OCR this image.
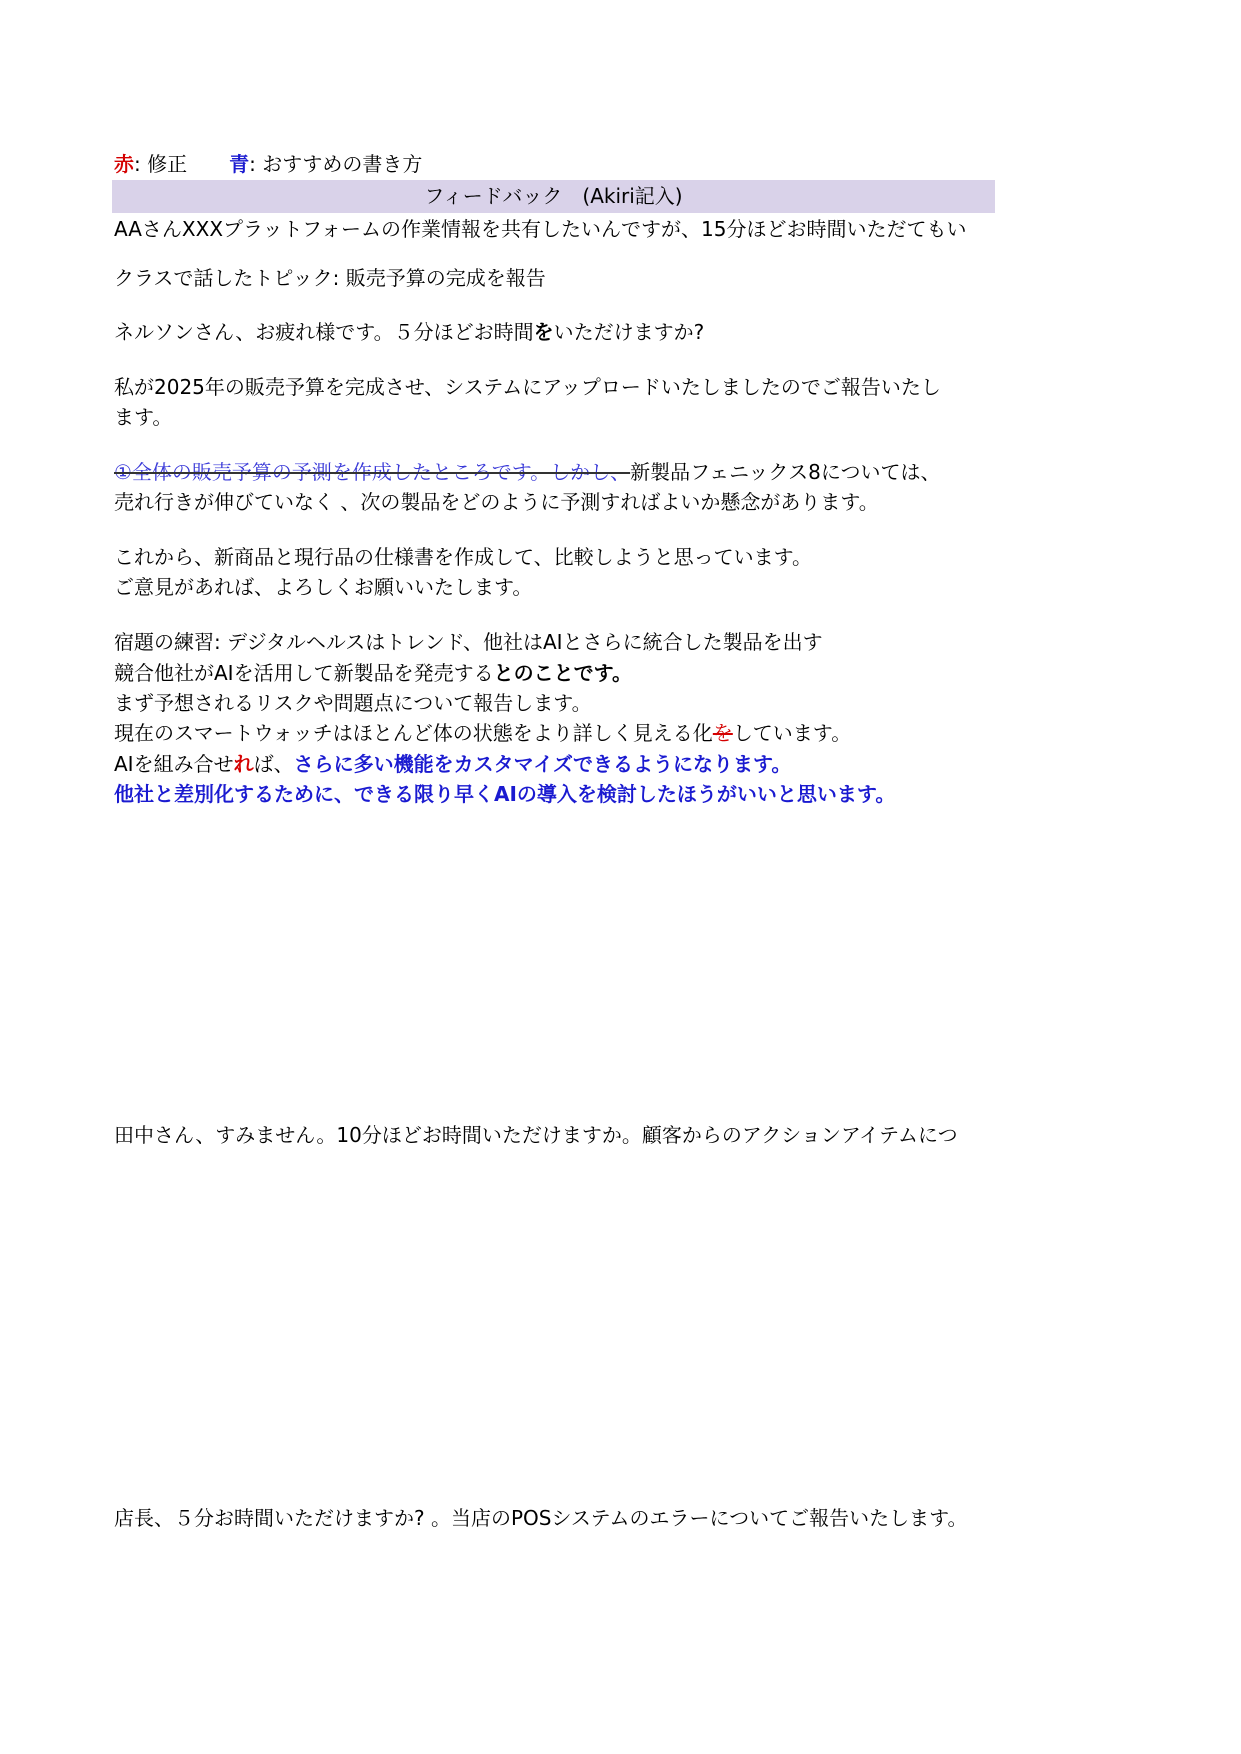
赤: 修正 青: おすすめの書き方
フィードバック　(Akiri記入)
AAさんXXXプラットフォームの作業情報を共有したいんですが、15分ほどお時間いただてもい
クラスで話したトピック: 販売予算の完成を報告
ネルソンさん、お疲れ様です。５分ほどお時間をいただけますか?
私が2025年の販売予算を完成させ、システムにアップロードいたしましたのでご報告いたし
ます。
①全体の販売予算の予測を作成したところです。しかし、新製品フェニックス8については、
売れ行きが伸びていなく 、次の製品をどのように予測すればよいか懸念があります。
これから、新商品と現行品の仕様書を作成して、比較しようと思っています。
ご意見があれば、よろしくお願いいたします。
宿題の練習: デジタルヘルスはトレンド、他社はAIとさらに統合した製品を出す
競合他社がAIを活用して新製品を発売するとのことです。
まず予想されるリスクや問題点について報告します。
現在のスマートウォッチはほとんど体の状態をより詳しく見える化をしています。
AIを組み合せれば、さらに多い機能をカスタマイズできるようになります。
他社と差別化するために、できる限り早くAIの導入を検討したほうがいいと思います。
田中さん、すみません。10分ほどお時間いただけますか。顧客からのアクションアイテムにつ
店長、５分お時間いただけますか? 。当店のPOSシステムのエラーについてご報告いたします。
